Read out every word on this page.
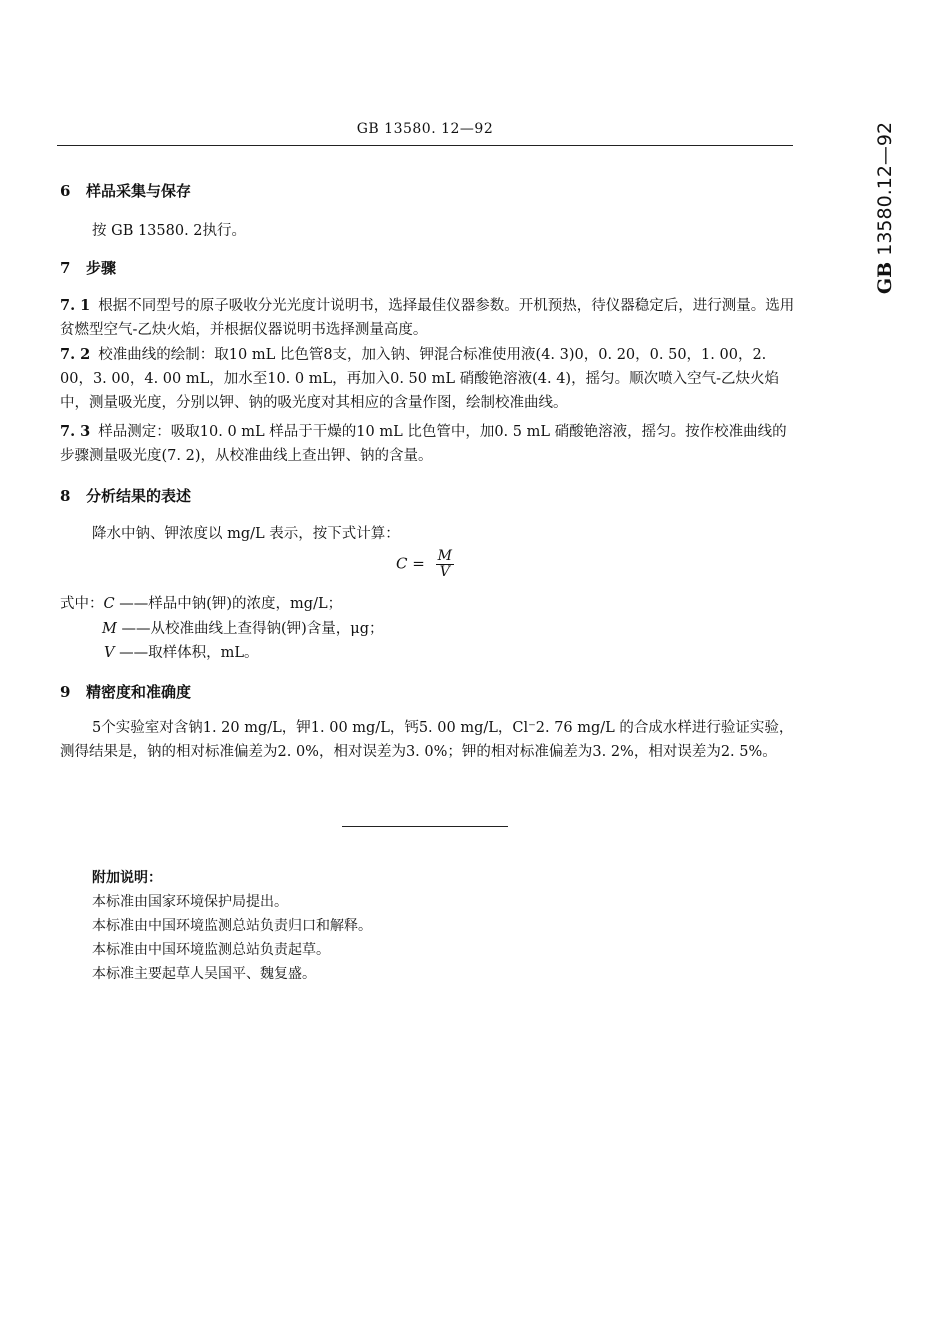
GB 13580. 12—92
GB 13580.12—92
6 样品采集与保存
按 GB 13580. 2执行。
7 步骤
7. 1 根据不同型号的原子吸收分光光度计说明书，选择最佳仪器参数。开机预热，待仪器稳定后，进行测量。选用贫燃型空气-乙炔火焰，并根据仪器说明书选择测量高度。
7. 2 校准曲线的绘制：取10 mL 比色管8支，加入钠、钾混合标准使用液(4. 3)0，0. 20，0. 50，1. 00，2. 00，3. 00，4. 00 mL，加水至10. 0 mL，再加入0. 50 mL 硝酸铯溶液(4. 4)，摇匀。顺次喷入空气-乙炔火焰中，测量吸光度，分别以钾、钠的吸光度对其相应的含量作图，绘制校准曲线。
7. 3 样品测定：吸取10. 0 mL 样品于干燥的10 mL 比色管中，加0. 5 mL 硝酸铯溶液，摇匀。按作校准曲线的步骤测量吸光度(7. 2)，从校准曲线上查出钾、钠的含量。
8 分析结果的表述
降水中钠、钾浓度以 mg/L 表示，按下式计算：
$C = \frac{M}{V}$
式中：C ——样品中钠(钾)的浓度，mg/L；
M ——从校准曲线上查得钠(钾)含量，μg；
V ——取样体积，mL。
9 精密度和准确度
5个实验室对含钠1. 20 mg/L，钾1. 00 mg/L，钙5. 00 mg/L，Cl⁻2. 76 mg/L 的合成水样进行验证实验，测得结果是，钠的相对标准偏差为2. 0%，相对误差为3. 0%；钾的相对标准偏差为3. 2%，相对误差为2. 5%。
附加说明：
本标准由国家环境保护局提出。
本标准由中国环境监测总站负责归口和解释。
本标准由中国环境监测总站负责起草。
本标准主要起草人吴国平、魏复盛。
